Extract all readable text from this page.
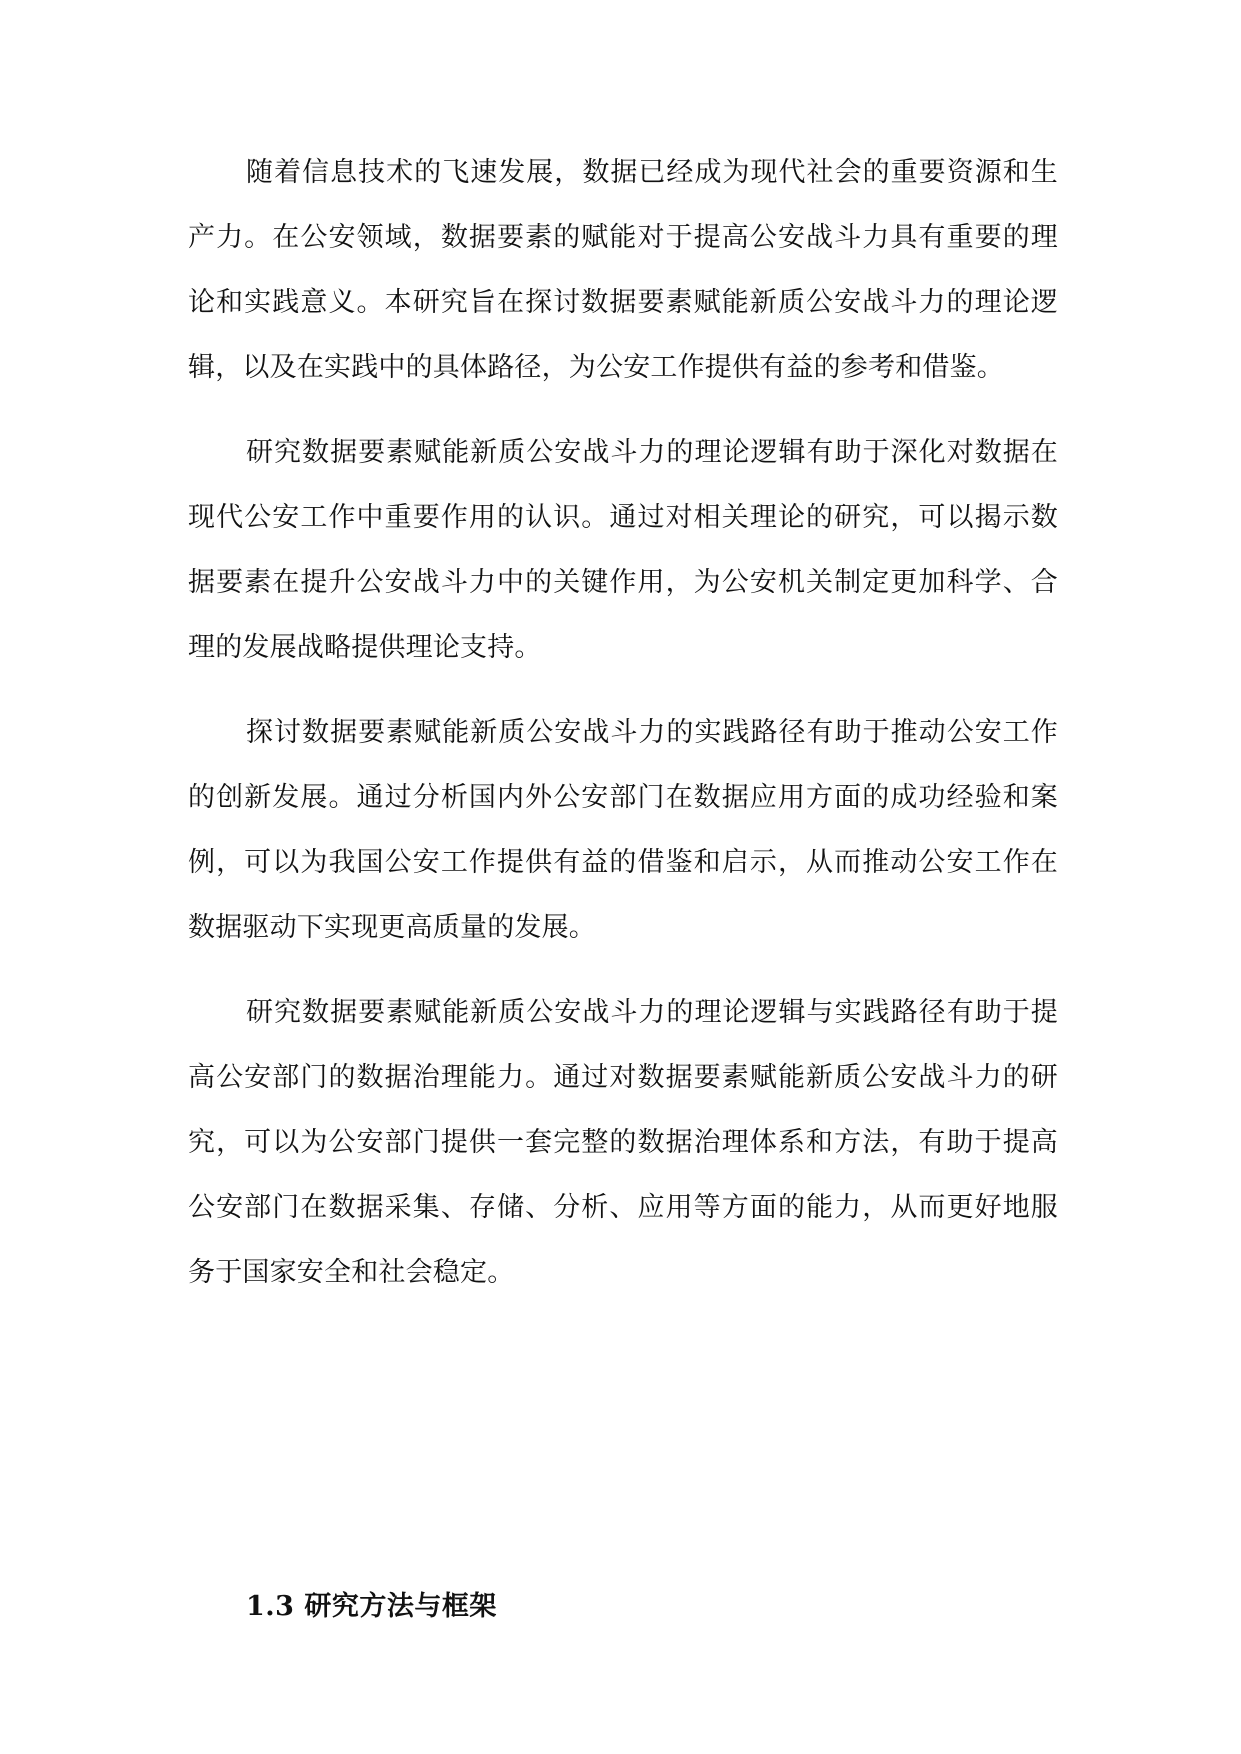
随着信息技术的飞速发展，数据已经成为现代社会的重要资源和生产力。在公安领域，数据要素的赋能对于提高公安战斗力具有重要的理论和实践意义。本研究旨在探讨数据要素赋能新质公安战斗力的理论逻辑，以及在实践中的具体路径，为公安工作提供有益的参考和借鉴。

研究数据要素赋能新质公安战斗力的理论逻辑有助于深化对数据在现代公安工作中重要作用的认识。通过对相关理论的研究，可以揭示数据要素在提升公安战斗力中的关键作用，为公安机关制定更加科学、合理的发展战略提供理论支持。

探讨数据要素赋能新质公安战斗力的实践路径有助于推动公安工作的创新发展。通过分析国内外公安部门在数据应用方面的成功经验和案例，可以为我国公安工作提供有益的借鉴和启示，从而推动公安工作在数据驱动下实现更高质量的发展。

研究数据要素赋能新质公安战斗力的理论逻辑与实践路径有助于提高公安部门的数据治理能力。通过对数据要素赋能新质公安战斗力的研究，可以为公安部门提供一套完整的数据治理体系和方法，有助于提高公安部门在数据采集、存储、分析、应用等方面的能力，从而更好地服务于国家安全和社会稳定。

1.3 研究方法与框架
